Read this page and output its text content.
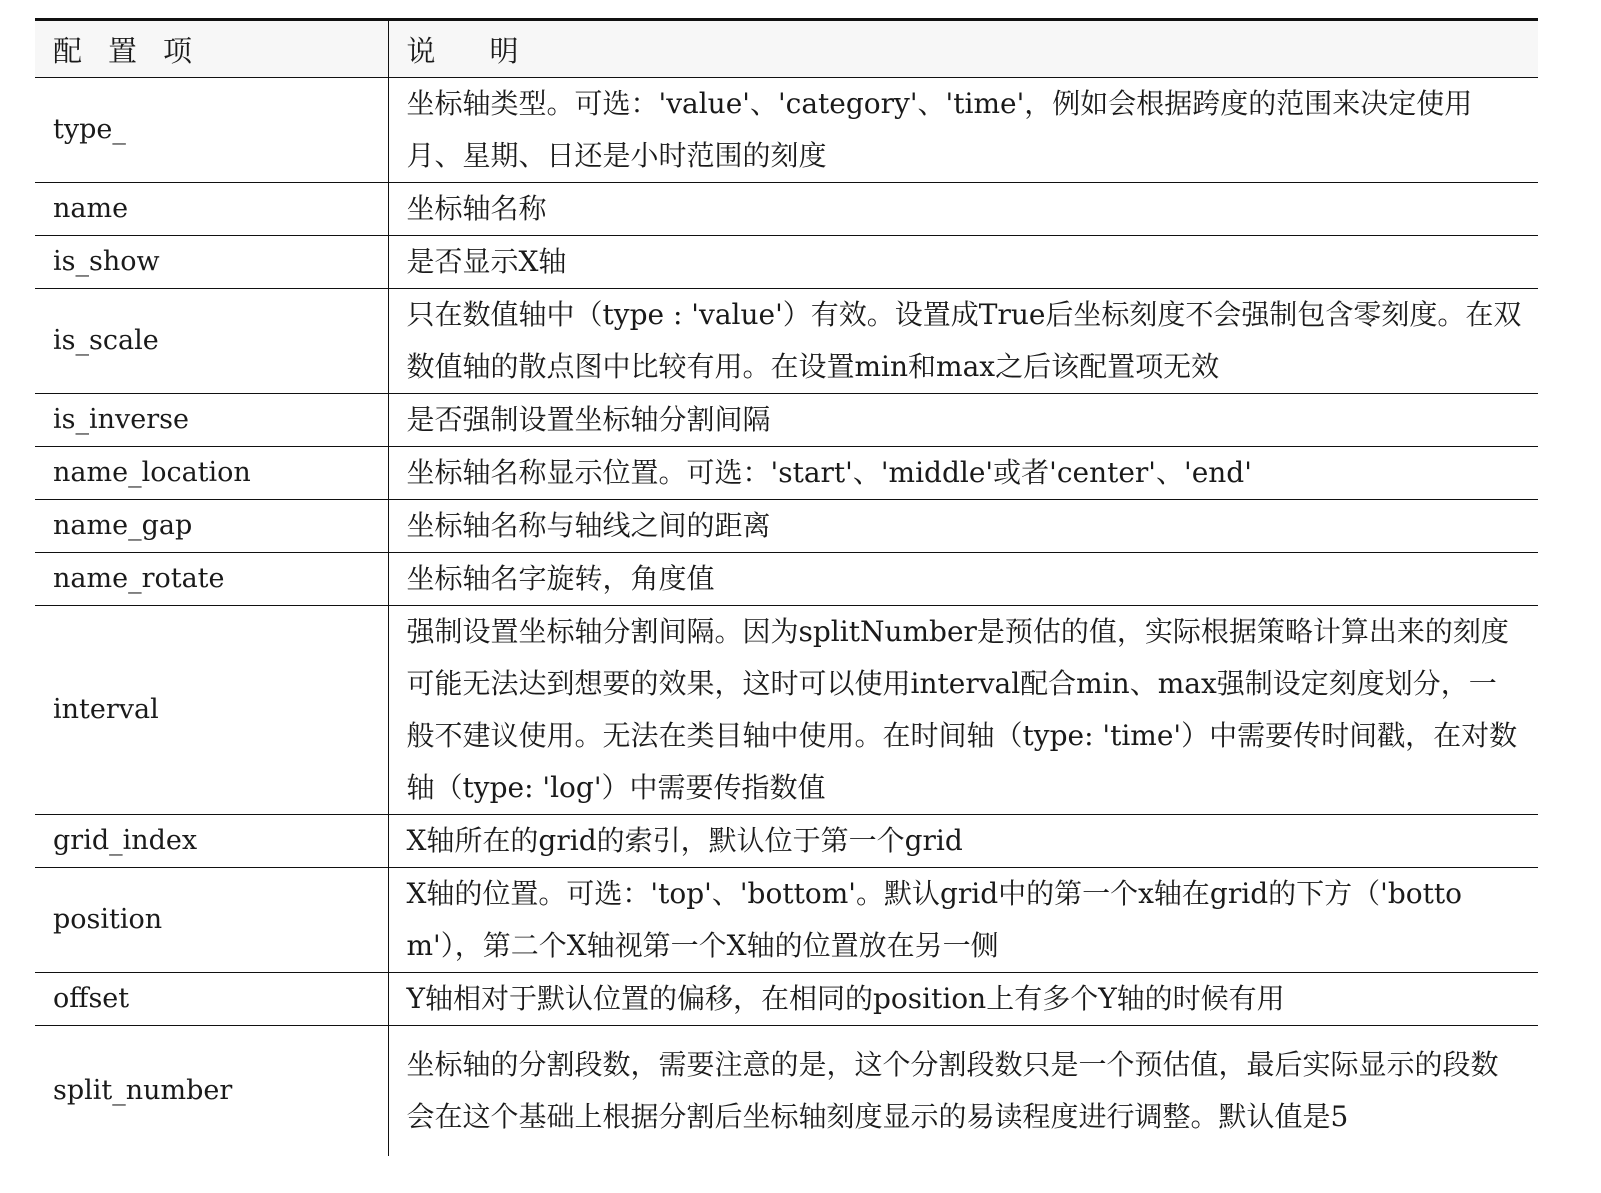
配置项	说明
type_	坐标轴类型。可选：'value'、'category'、'time'，例如会根据跨度的范围来决定使用月、星期、日还是小时范围的刻度
name	坐标轴名称
is_show	是否显示X轴
is_scale	只在数值轴中（type : 'value'）有效。设置成True后坐标刻度不会强制包含零刻度。在双数值轴的散点图中比较有用。在设置min和max之后该配置项无效
is_inverse	是否强制设置坐标轴分割间隔
name_location	坐标轴名称显示位置。可选：'start'、'middle'或者'center'、'end'
name_gap	坐标轴名称与轴线之间的距离
name_rotate	坐标轴名字旋转，角度值
interval	强制设置坐标轴分割间隔。因为splitNumber是预估的值，实际根据策略计算出来的刻度可能无法达到想要的效果，这时可以使用interval配合min、max强制设定刻度划分，一般不建议使用。无法在类目轴中使用。在时间轴（type: 'time'）中需要传时间戳，在对数轴（type: 'log'）中需要传指数值
grid_index	X轴所在的grid的索引，默认位于第一个grid
position	X轴的位置。可选：'top'、'bottom'。默认grid中的第一个x轴在grid的下方（'bottom'），第二个X轴视第一个X轴的位置放在另一侧
offset	Y轴相对于默认位置的偏移，在相同的position上有多个Y轴的时候有用
split_number	坐标轴的分割段数，需要注意的是，这个分割段数只是一个预估值，最后实际显示的段数会在这个基础上根据分割后坐标轴刻度显示的易读程度进行调整。默认值是5
